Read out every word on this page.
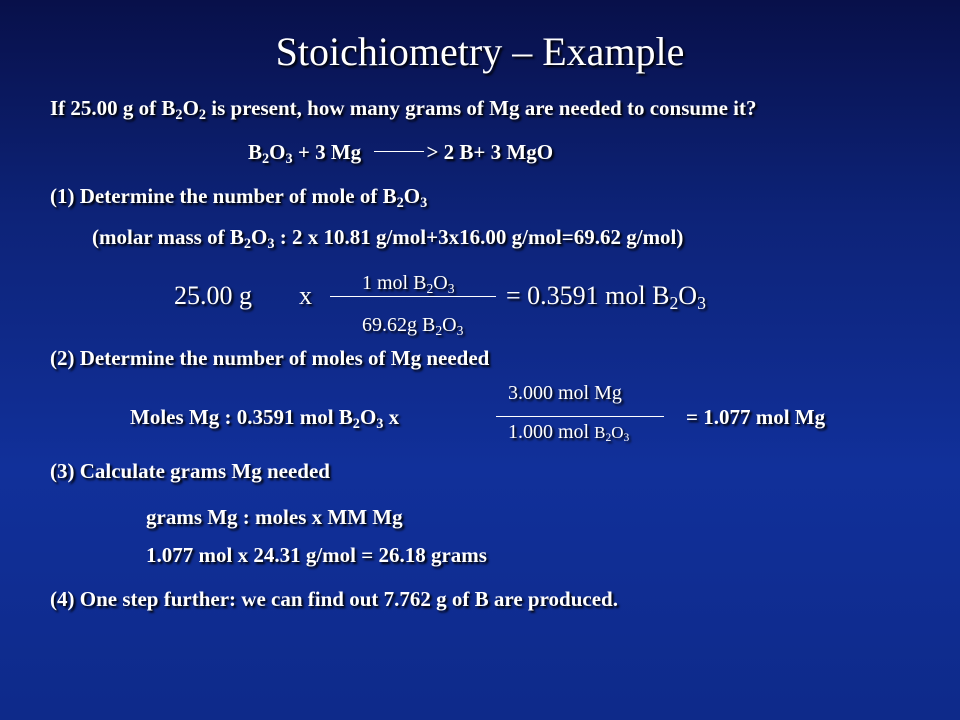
Stoichiometry – Example
If 25.00 g of $B_2O_2$ is present, how many grams of Mg are needed to consume it?
$B_2O_3 + 3$ Mg	> 2 B+ 3 MgO
(1) Determine the number of mole of $B_2O_3$
(molar mass of $B_2O_3$ : 2 x 10.81 g/mol+3x16.00 g/mol=69.62 g/mol)
25.00 g x	1 mol $B_2O_3$
69.62g $B_2O_3$
= 0.3591 mol $B_2O_3$
(2) Determine the number of moles of Mg needed
Moles Mg : 0.3591 mol $B_2O_3$ x
3.000 mol Mg
1.000 mol $B_2O_3$
= 1.077 mol Mg
(3) Calculate grams Mg needed
grams Mg : moles x MM Mg
1.077 mol x 24.31 g/mol = 26.18 grams
(4) One step further: we can find out 7.762 g of B are produced.
